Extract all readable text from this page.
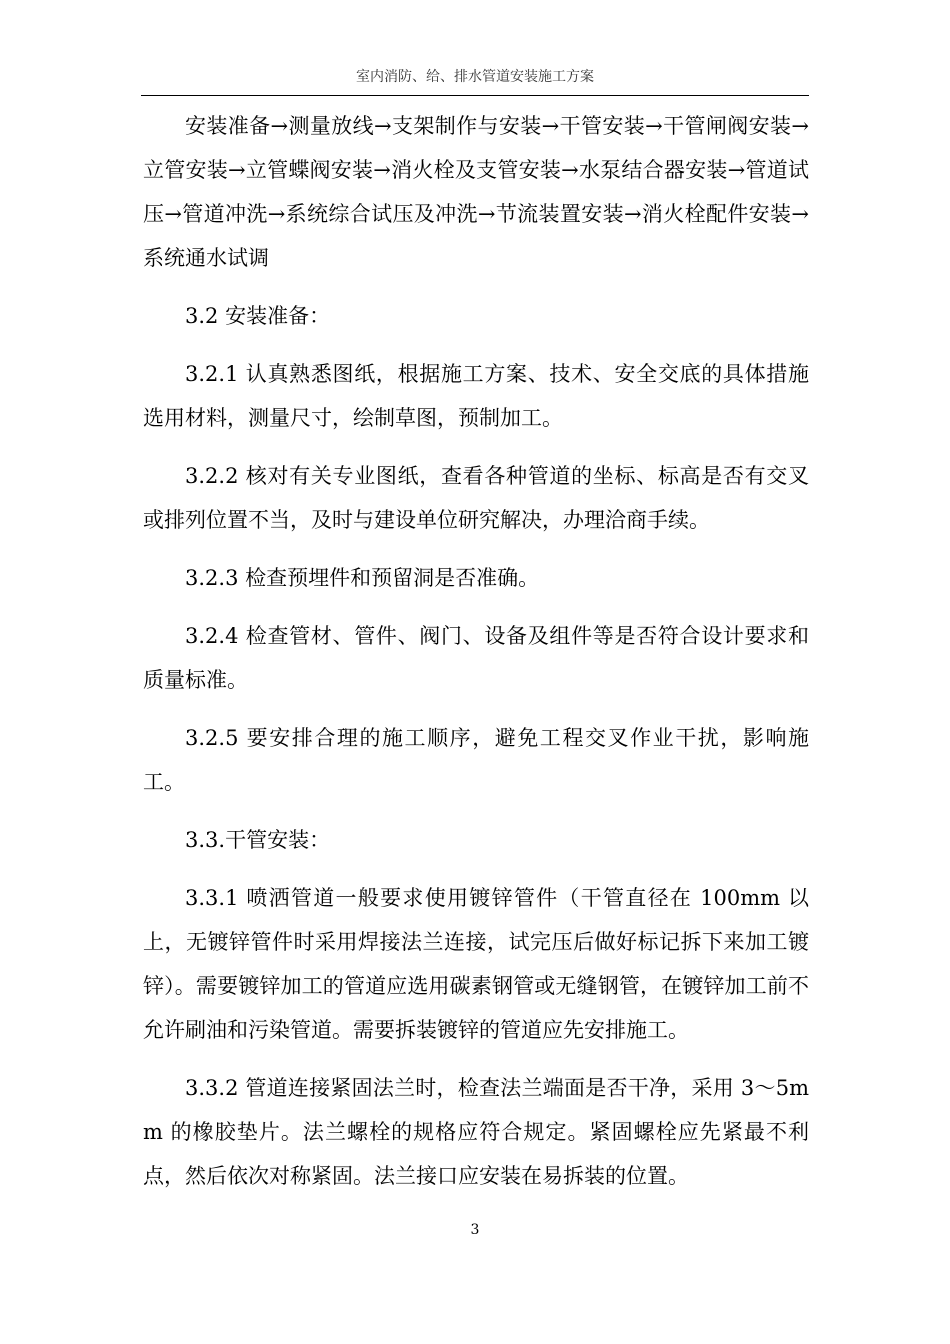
室内消防、给、排水管道安装施工方案

安装准备→测量放线→支架制作与安装→干管安装→干管闸阀安装→立管安装→立管蝶阀安装→消火栓及支管安装→水泵结合器安装→管道试压→管道冲洗→系统综合试压及冲洗→节流装置安装→消火栓配件安装→系统通水试调

3.2 安装准备：

3.2.1 认真熟悉图纸，根据施工方案、技术、安全交底的具体措施选用材料，测量尺寸，绘制草图，预制加工。

3.2.2 核对有关专业图纸，查看各种管道的坐标、标高是否有交叉或排列位置不当，及时与建设单位研究解决，办理洽商手续。

3.2.3 检查预埋件和预留洞是否准确。

3.2.4 检查管材、管件、阀门、设备及组件等是否符合设计要求和质量标准。

3.2.5 要安排合理的施工顺序，避免工程交叉作业干扰，影响施工。

3.3.干管安装：

3.3.1 喷洒管道一般要求使用镀锌管件（干管直径在 100mm 以上，无镀锌管件时采用焊接法兰连接，试完压后做好标记拆下来加工镀锌）。需要镀锌加工的管道应选用碳素钢管或无缝钢管，在镀锌加工前不允许刷油和污染管道。需要拆装镀锌的管道应先安排施工。

3.3.2 管道连接紧固法兰时，检查法兰端面是否干净，采用 3～5mm 的橡胶垫片。法兰螺栓的规格应符合规定。紧固螺栓应先紧最不利点，然后依次对称紧固。法兰接口应安装在易拆装的位置。

3
